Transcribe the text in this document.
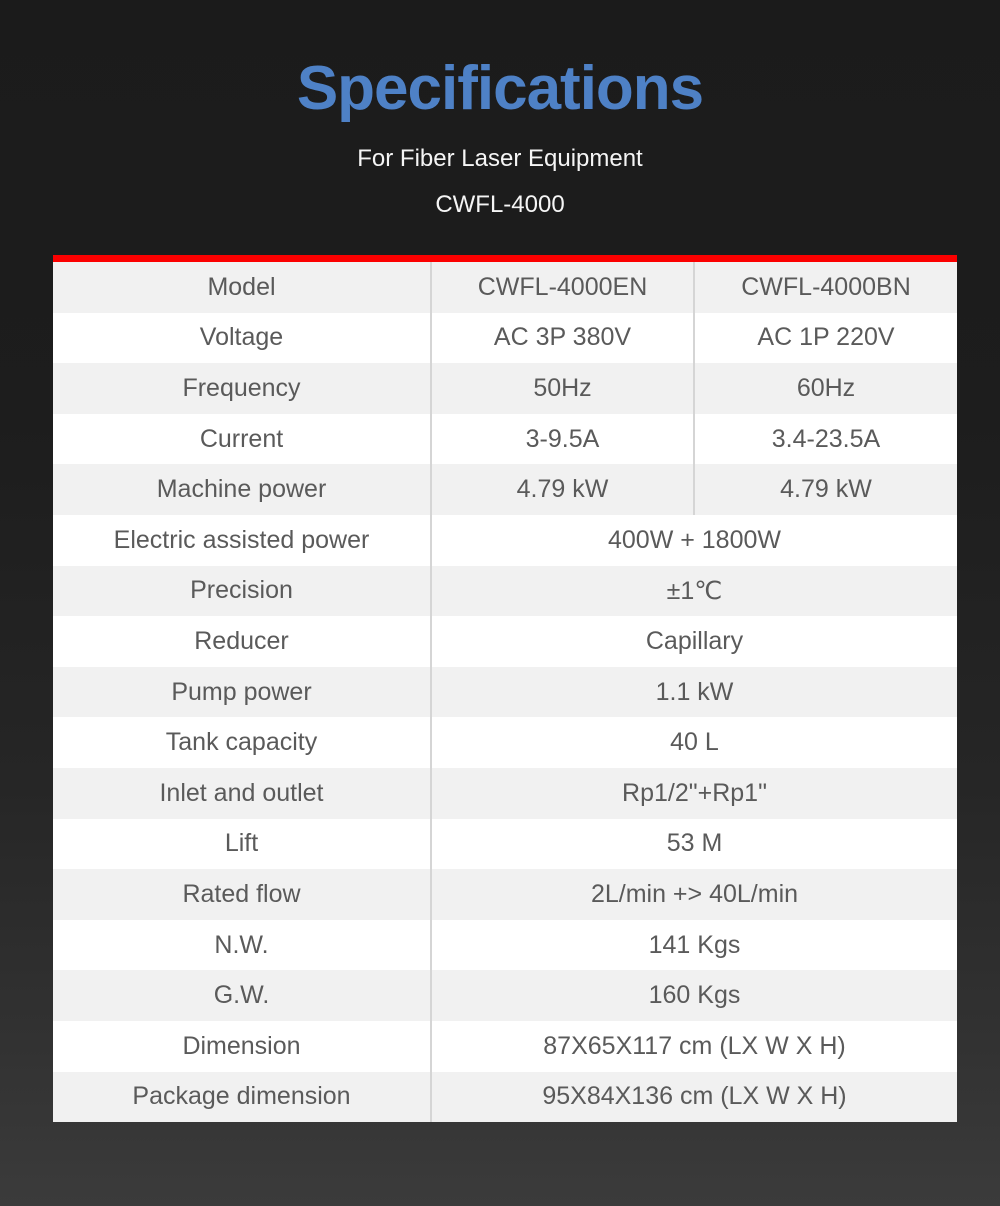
Specifications

For Fiber Laser Equipment

CWFL-4000

Model	CWFL-4000EN	CWFL-4000BN
Voltage	AC 3P 380V	AC 1P 220V
Frequency	50Hz	60Hz
Current	3-9.5A	3.4-23.5A
Machine power	4.79 kW	4.79 kW
Electric assisted power	400W + 1800W
Precision	±1℃
Reducer	Capillary
Pump power	1.1 kW
Tank capacity	40 L
Inlet and outlet	Rp1/2"+Rp1"
Lift	53 M
Rated flow	2L/min +> 40L/min
N.W.	141 Kgs
G.W.	160 Kgs
Dimension	87X65X117 cm (LX W X H)
Package dimension	95X84X136 cm (LX W X H)
